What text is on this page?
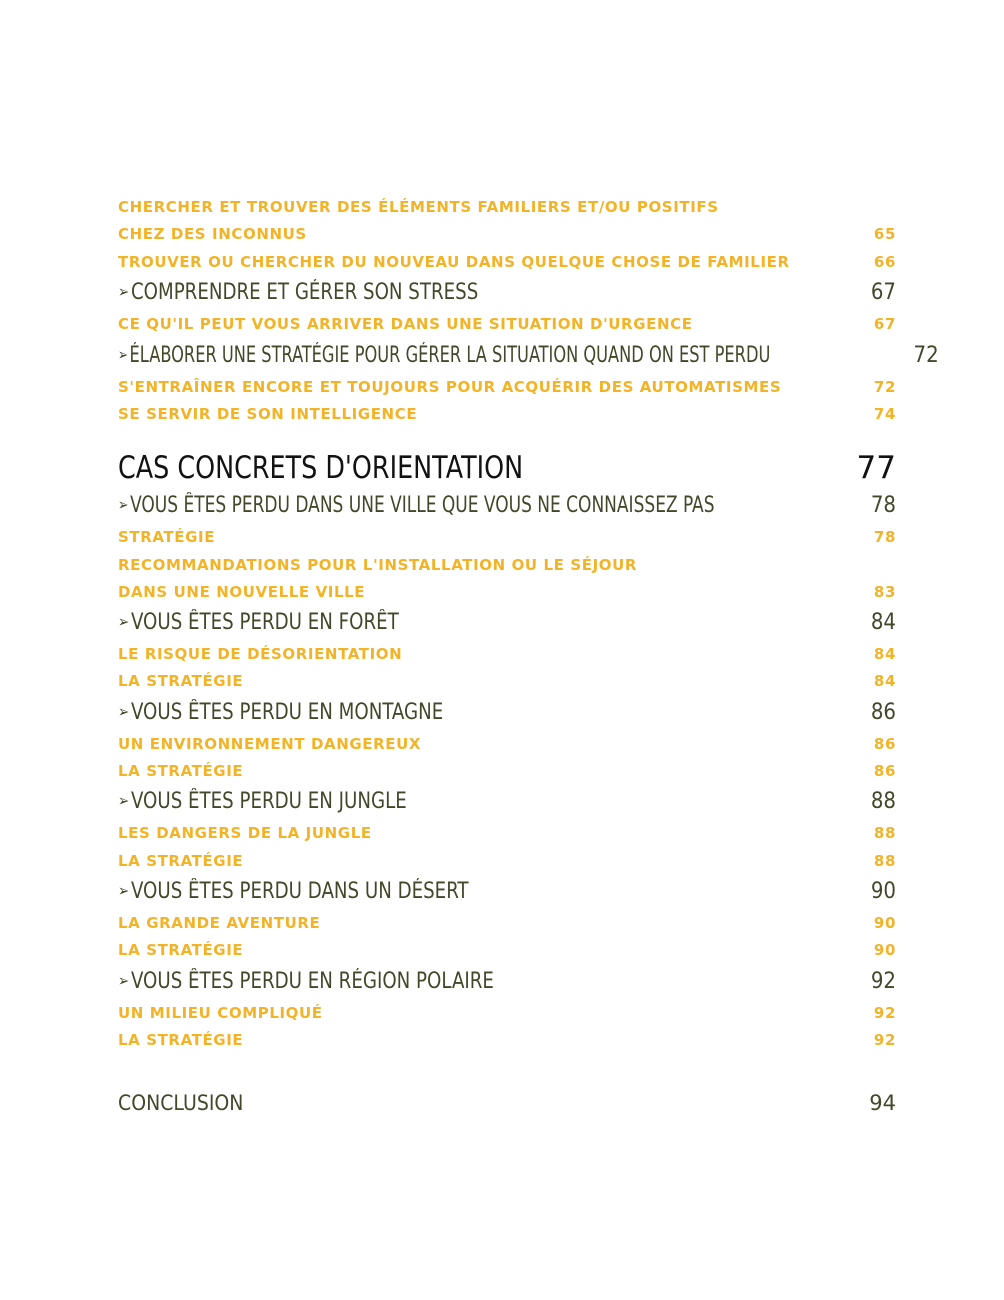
CHERCHER ET TROUVER DES ÉLÉMENTS FAMILIERS ET/OU POSITIFS
CHEZ DES INCONNUS	65
TROUVER OU CHERCHER DU NOUVEAU DANS QUELQUE CHOSE DE FAMILIER	66
➢COMPRENDRE ET GÉRER SON STRESS	67
CE QU'IL PEUT VOUS ARRIVER DANS UNE SITUATION D'URGENCE	67
➢ÉLABORER UNE STRATÉGIE POUR GÉRER LA SITUATION QUAND ON EST PERDU	72
S'ENTRAÎNER ENCORE ET TOUJOURS POUR ACQUÉRIR DES AUTOMATISMES	72
SE SERVIR DE SON INTELLIGENCE	74
CAS CONCRETS D'ORIENTATION	77
➢VOUS ÊTES PERDU DANS UNE VILLE QUE VOUS NE CONNAISSEZ PAS	78
STRATÉGIE	78
RECOMMANDATIONS POUR L'INSTALLATION OU LE SÉJOUR
DANS UNE NOUVELLE VILLE	83
➢VOUS ÊTES PERDU EN FORÊT	84
LE RISQUE DE DÉSORIENTATION	84
LA STRATÉGIE	84
➢VOUS ÊTES PERDU EN MONTAGNE	86
UN ENVIRONNEMENT DANGEREUX	86
LA STRATÉGIE	86
➢VOUS ÊTES PERDU EN JUNGLE	88
LES DANGERS DE LA JUNGLE	88
LA STRATÉGIE	88
➢VOUS ÊTES PERDU DANS UN DÉSERT	90
LA GRANDE AVENTURE	90
LA STRATÉGIE	90
➢VOUS ÊTES PERDU EN RÉGION POLAIRE	92
UN MILIEU COMPLIQUÉ	92
LA STRATÉGIE	92
CONCLUSION	94
